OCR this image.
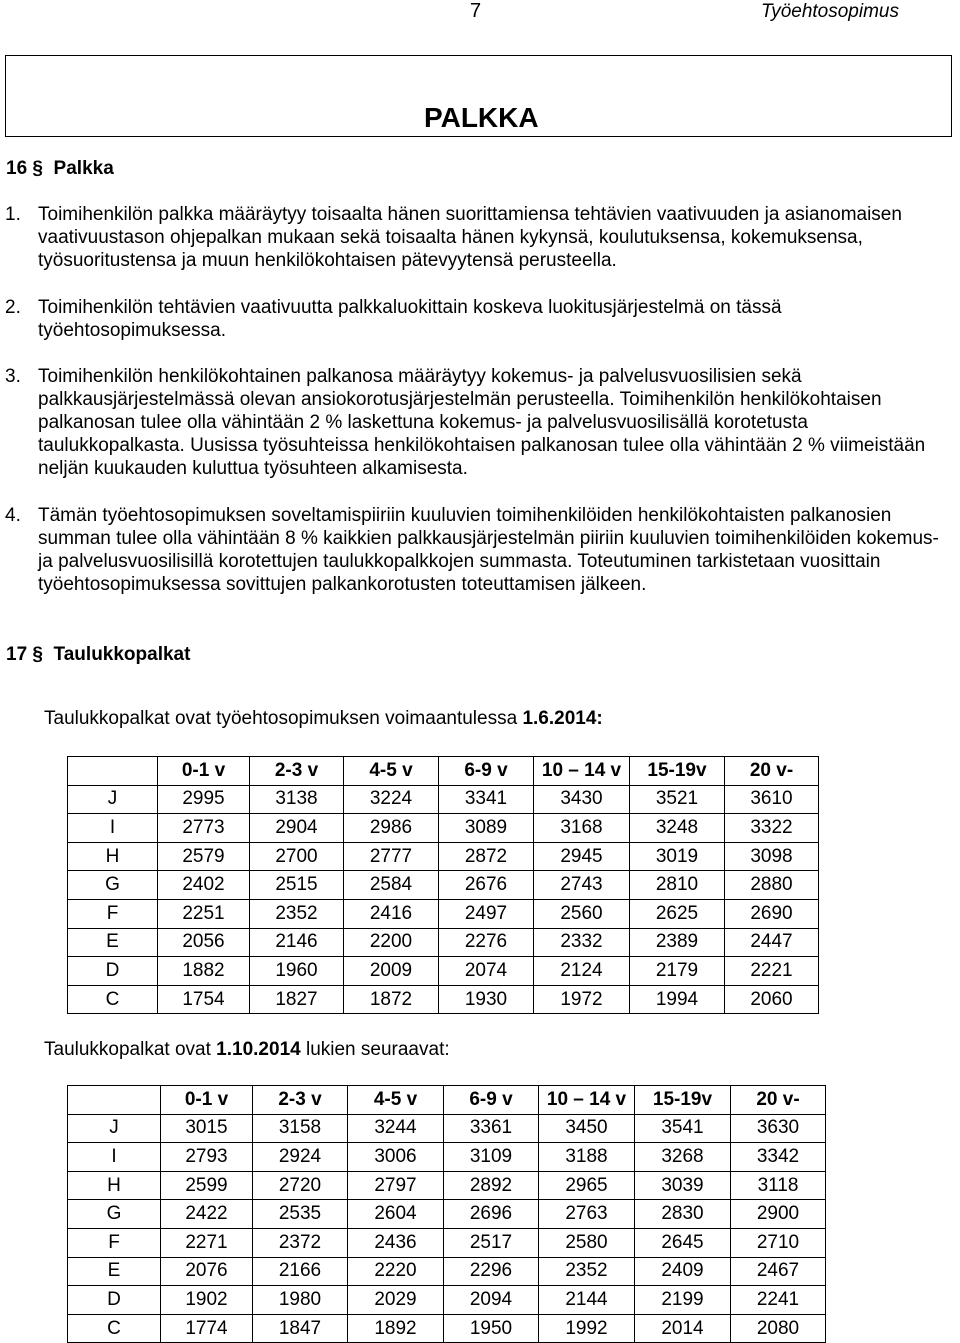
7	Työehtosopimus
PALKKA
16 § Palkka
1. Toimihenkilön palkka määräytyy toisaalta hänen suorittamiensa tehtävien vaativuuden ja asianomaisen vaativuustason ohjepalkan mukaan sekä toisaalta hänen kykynsä, koulutuksensa, kokemuksensa, työsuoritustensa ja muun henkilökohtaisen pätevyytensä perusteella.
2. Toimihenkilön tehtävien vaativuutta palkkaluokittain koskeva luokitusjärjestelmä on tässä työehtosopimuksessa.
3. Toimihenkilön henkilökohtainen palkanosa määräytyy kokemus- ja palvelusvuosilisien sekä palkkausjärjestelmässä olevan ansiokorotusjärjestelmän perusteella. Toimihenkilön henkilökohtaisen palkanosan tulee olla vähintään 2 % laskettuna kokemus- ja palvelusvuosilisällä korotetusta taulukkopalkasta. Uusissa työsuhteissa henkilökohtaisen palkanosan tulee olla vähintään 2 % viimeistään neljän kuukauden kuluttua työsuhteen alkamisesta.
4. Tämän työehtosopimuksen soveltamispiiriin kuuluvien toimihenkilöiden henkilökohtaisten palkanosien summan tulee olla vähintään 8 % kaikkien palkkausjärjestelmän piiriin kuuluvien toimihenkilöiden kokemus- ja palvelusvuosilisillä korotettujen taulukkopalkkojen summasta. Toteutuminen tarkistetaan vuosittain työehtosopimuksessa sovittujen palkankorotusten toteuttamisen jälkeen.
17 § Taulukkopalkat
Taulukkopalkat ovat työehtosopimuksen voimaantulessa 1.6.2014:
	0-1 v	2-3 v	4-5 v	6-9 v	10 – 14 v	15-19v	20 v-
J	2995	3138	3224	3341	3430	3521	3610
I	2773	2904	2986	3089	3168	3248	3322
H	2579	2700	2777	2872	2945	3019	3098
G	2402	2515	2584	2676	2743	2810	2880
F	2251	2352	2416	2497	2560	2625	2690
E	2056	2146	2200	2276	2332	2389	2447
D	1882	1960	2009	2074	2124	2179	2221
C	1754	1827	1872	1930	1972	1994	2060
Taulukkopalkat ovat 1.10.2014 lukien seuraavat:
	0-1 v	2-3 v	4-5 v	6-9 v	10 – 14 v	15-19v	20 v-
J	3015	3158	3244	3361	3450	3541	3630
I	2793	2924	3006	3109	3188	3268	3342
H	2599	2720	2797	2892	2965	3039	3118
G	2422	2535	2604	2696	2763	2830	2900
F	2271	2372	2436	2517	2580	2645	2710
E	2076	2166	2220	2296	2352	2409	2467
D	1902	1980	2029	2094	2144	2199	2241
C	1774	1847	1892	1950	1992	2014	2080
